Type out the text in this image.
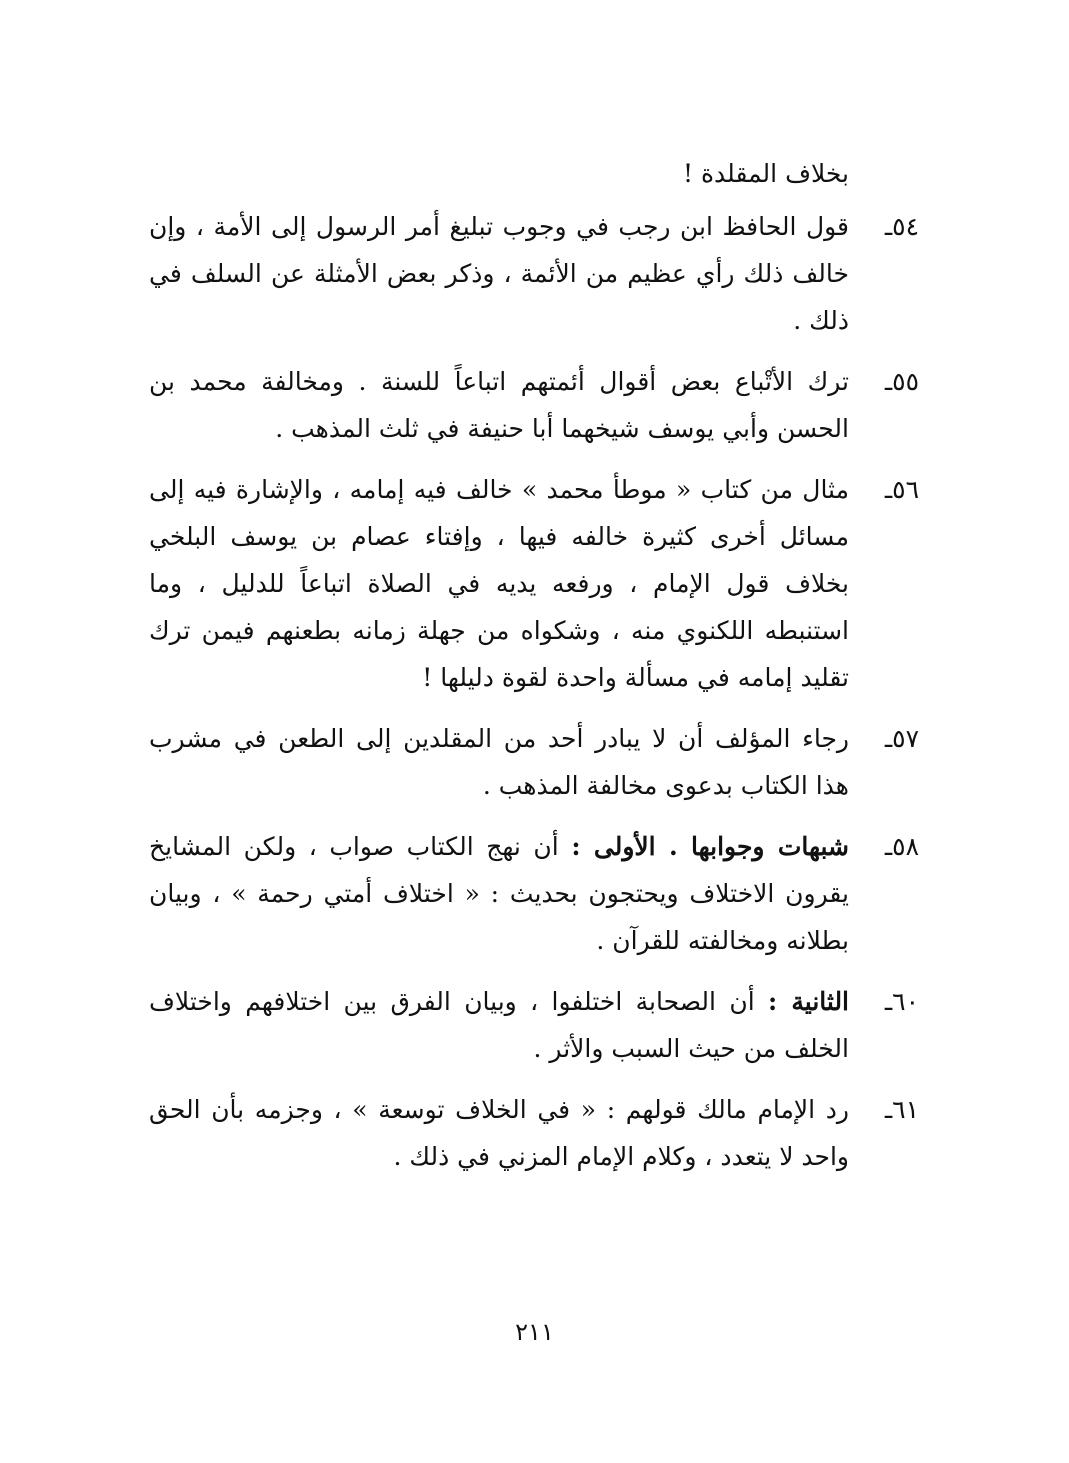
بخلاف المقلدة !

٥٤ـ
قول الحافظ ابن رجب في وجوب تبليغ أمر الرسول إلى الأمة ، وإن خالف ذلك رأي عظيم من الأئمة ، وذكر بعض الأمثلة عن السلف في ذلك .
٥٥ـ
ترك الأتْباع بعض أقوال أئمتهم اتباعاً للسنة . ومخالفة محمد بن الحسن وأبي يوسف شيخهما أبا حنيفة في ثلث المذهب .
٥٦ـ
مثال من كتاب « موطأ محمد » خالف فيه إمامه ، والإشارة فيه إلى مسائل أخرى كثيرة خالفه فيها ، وإفتاء عصام بن يوسف البلخي بخلاف قول الإمام ، ورفعه يديه في الصلاة اتباعاً للدليل ، وما استنبطه اللكنوي منه ، وشكواه من جهلة زمانه بطعنهم فيمن ترك تقليد إمامه في مسألة واحدة لقوة دليلها !
٥٧ـ
رجاء المؤلف أن لا يبادر أحد من المقلدين إلى الطعن في مشرب هذا الكتاب بدعوى مخالفة المذهب .
٥٨ـ
شبهات وجوابها . الأولى : أن نهج الكتاب صواب ، ولكن المشايخ يقرون الاختلاف ويحتجون بحديث : « اختلاف أمتي رحمة » ، وبيان بطلانه ومخالفته للقرآن .
٦٠ـ
الثانية : أن الصحابة اختلفوا ، وبيان الفرق بين اختلافهم واختلاف الخلف من حيث السبب والأثر .
٦١ـ
رد الإمام مالك قولهم : « في الخلاف توسعة » ، وجزمه بأن الحق واحد لا يتعدد ، وكلام الإمام المزني في ذلك .
٢١١
